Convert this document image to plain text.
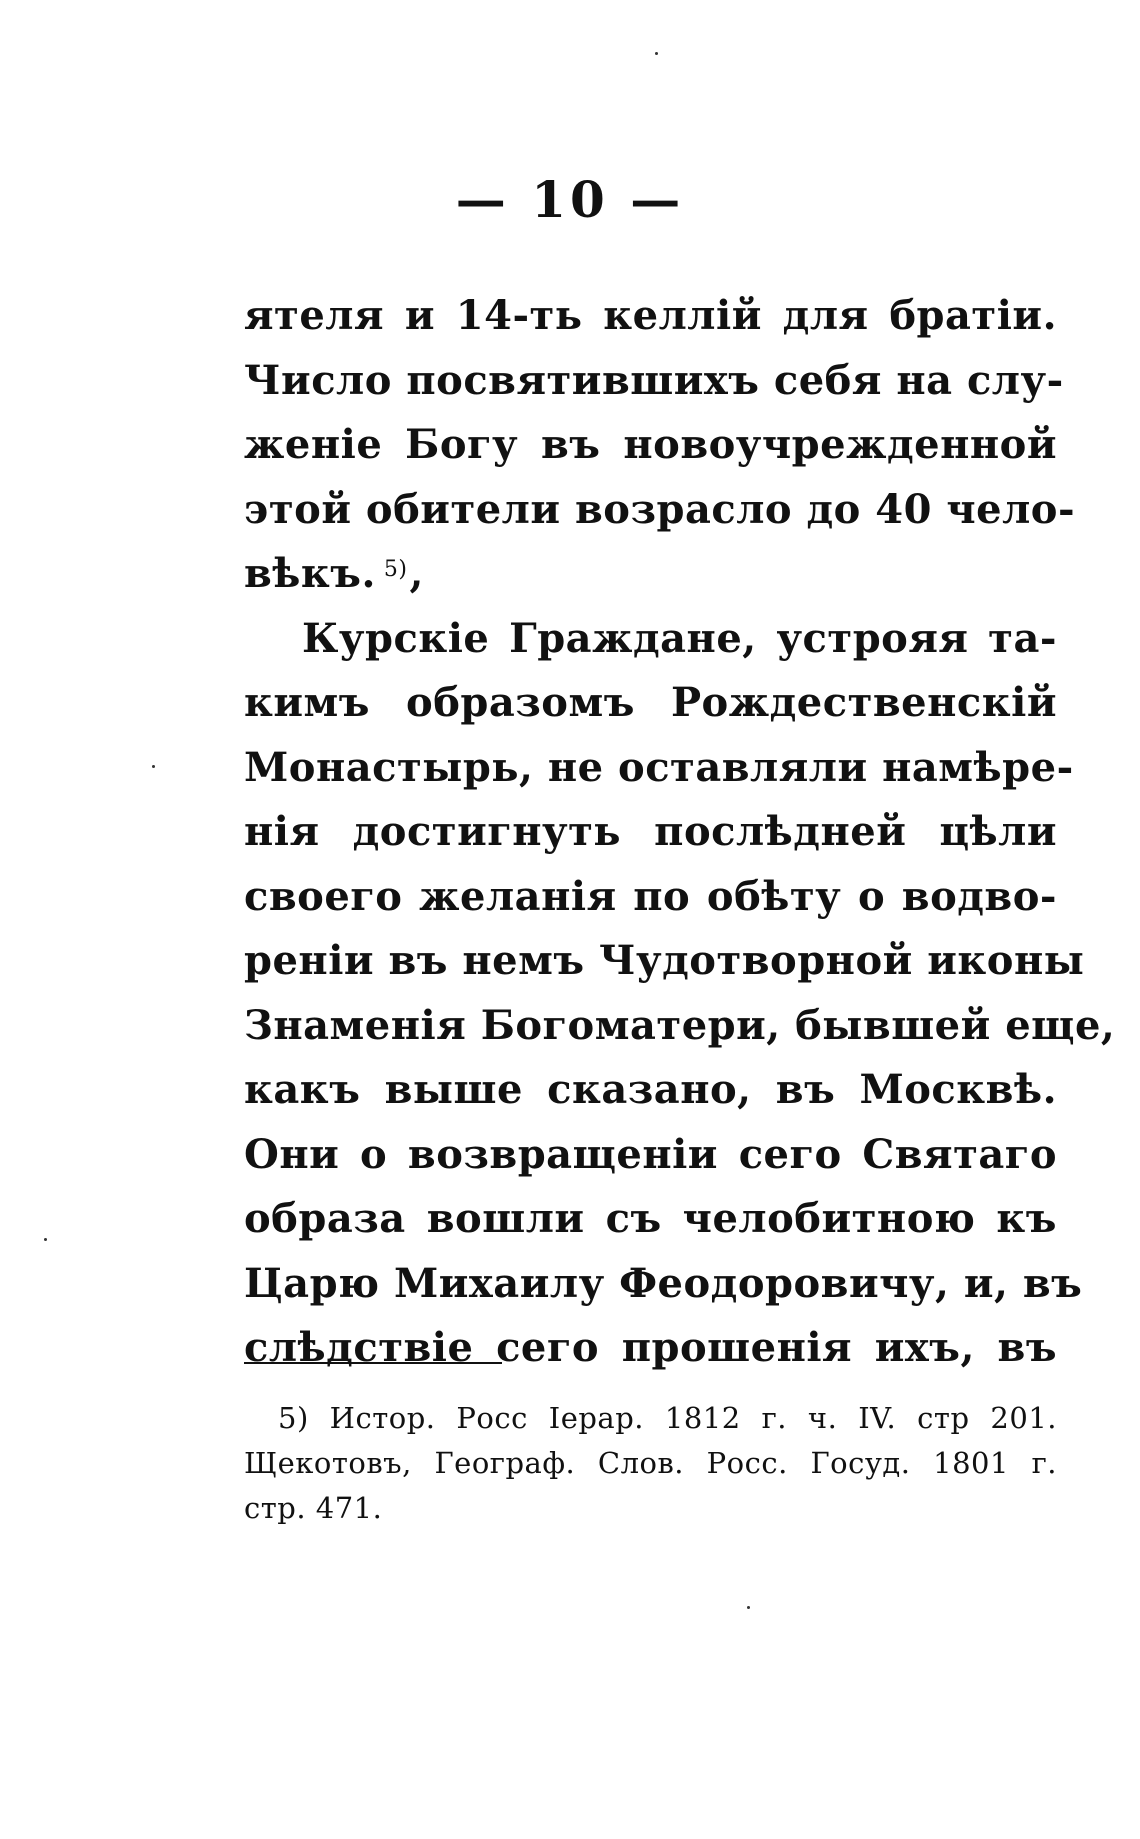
— 10 —
ятеля и 14-ть келлій для братіи.
Число посвятившихъ себя на слу-
женіе Богу въ новоучрежденной
этой обители возрасло до 40 чело-
вѣкъ. $^{5)}$,
Курскіе Граждане, устрояя та-
кимъ образомъ Рождественскій
Монастырь, не оставляли намѣре-
нія достигнуть послѣдней цѣли
своего желанія по обѣту о водво-
реніи въ немъ Чудотворной иконы
Знаменія Богоматери, бывшей еще,
какъ выше сказано, въ Москвѣ.
Они о возвращеніи сего Святаго
образа вошли съ челобитною къ
Царю Михаилу Феодоровичу, и, въ
слѣдствіе сего прошенія ихъ, въ
5) Истор. Росс Іерар. 1812 г. ч. IV. стр 201.
Щекотовъ, Географ. Слов. Росс. Госуд. 1801 г.
стр. 471.
